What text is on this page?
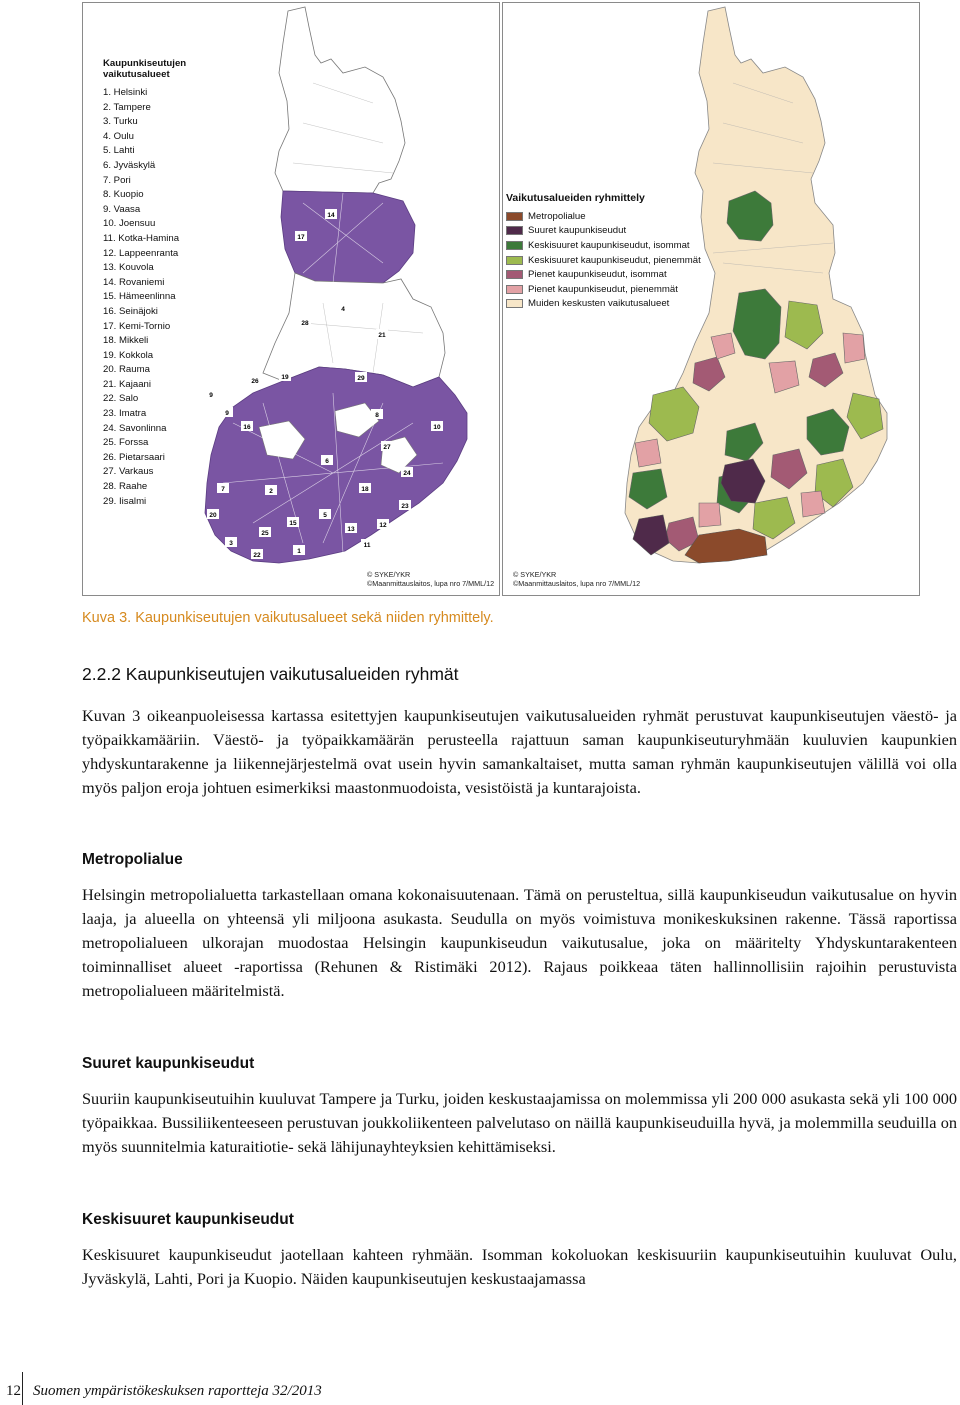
14
17
4
28
21
26
19	29
9
9
16
8
10
27
6
24
7	2	18
23
20	5
15
25
13
12
3	11
22
1
Kaupunkiseutujen vaikutusalueet
1. Helsinki
2. Tampere
3. Turku
4. Oulu
5. Lahti
6. Jyväskylä
7. Pori
8. Kuopio
9. Vaasa
10. Joensuu
11. Kotka-Hamina
12. Lappeenranta
13. Kouvola
14. Rovaniemi
15. Hämeenlinna
16. Seinäjoki
17. Kemi-Tornio
18. Mikkeli
19. Kokkola
20. Rauma
21. Kajaani
22. Salo
23. Imatra
24. Savonlinna
25. Forssa
26. Pietarsaari
27. Varkaus
28. Raahe
29. Iisalmi
© SYKE/YKR
©Maanmittauslaitos, lupa nro 7/MML/12
© SYKE/YKR
©Maanmittauslaitos, lupa nro 7/MML/12
Vaikutusalueiden ryhmittely
Metropolialue
Suuret kaupunkiseudut
Keskisuuret kaupunkiseudut, isommat
Keskisuuret kaupunkiseudut, pienemmät
Pienet kaupunkiseudut, isommat
Pienet kaupunkiseudut, pienemmät
Muiden keskusten vaikutusalueet
Kuva 3. Kaupunkiseutujen vaikutusalueet sekä niiden ryhmittely.
2.2.2 Kaupunkiseutujen vaikutusalueiden ryhmät
Kuvan 3 oikeanpuoleisessa kartassa esitettyjen kaupunkiseutujen vaikutusalueiden ryhmät perustuvat kaupunkiseutujen väestö- ja työpaikkamääriin. Väestö- ja työpaikkamäärän perusteella rajattuun saman kaupunkiseuturyhmään kuuluvien kaupunkien yhdyskuntarakenne ja liikennejärjestelmä ovat usein hyvin samankaltaiset, mutta saman ryhmän kaupunkiseutujen välillä voi olla myös paljon eroja johtuen esimerkiksi maastonmuodoista, vesistöistä ja kuntarajoista.
Metropolialue
Helsingin metropolialuetta tarkastellaan omana kokonaisuutenaan. Tämä on perusteltua, sillä kaupunkiseudun vaikutusalue on hyvin laaja, ja alueella on yhteensä yli miljoona asukasta. Seudulla on myös voimistuva monikeskuksinen rakenne. Tässä raportissa metropolialueen ulkorajan muodostaa Helsingin kaupunkiseudun vaikutusalue, joka on määritelty Yhdyskuntarakenteen toiminnalliset alueet -raportissa (Rehunen & Ristimäki 2012). Rajaus poikkeaa täten hallinnollisiin rajoihin perustuvista metropolialueen määritelmistä.
Suuret kaupunkiseudut
Suuriin kaupunkiseutuihin kuuluvat Tampere ja Turku, joiden keskustaajamissa on molemmissa yli 200 000 asukasta sekä yli 100 000 työpaikkaa. Bussiliikenteeseen perustuvan joukkoliikenteen palvelutaso on näillä kaupunkiseuduilla hyvä, ja molemmilla seuduilla on myös suunnitelmia katuraitiotie- sekä lähijunayhteyksien kehittämiseksi.
Keskisuuret kaupunkiseudut
Keskisuuret kaupunkiseudut jaotellaan kahteen ryhmään. Isomman kokoluokan keskisuuriin kaupunkiseutuihin kuuluvat Oulu, Jyväskylä, Lahti, Pori ja Kuopio. Näiden kaupunkiseutujen keskustaajamassa
12 Suomen ympäristökeskuksen raportteja 32/2013
